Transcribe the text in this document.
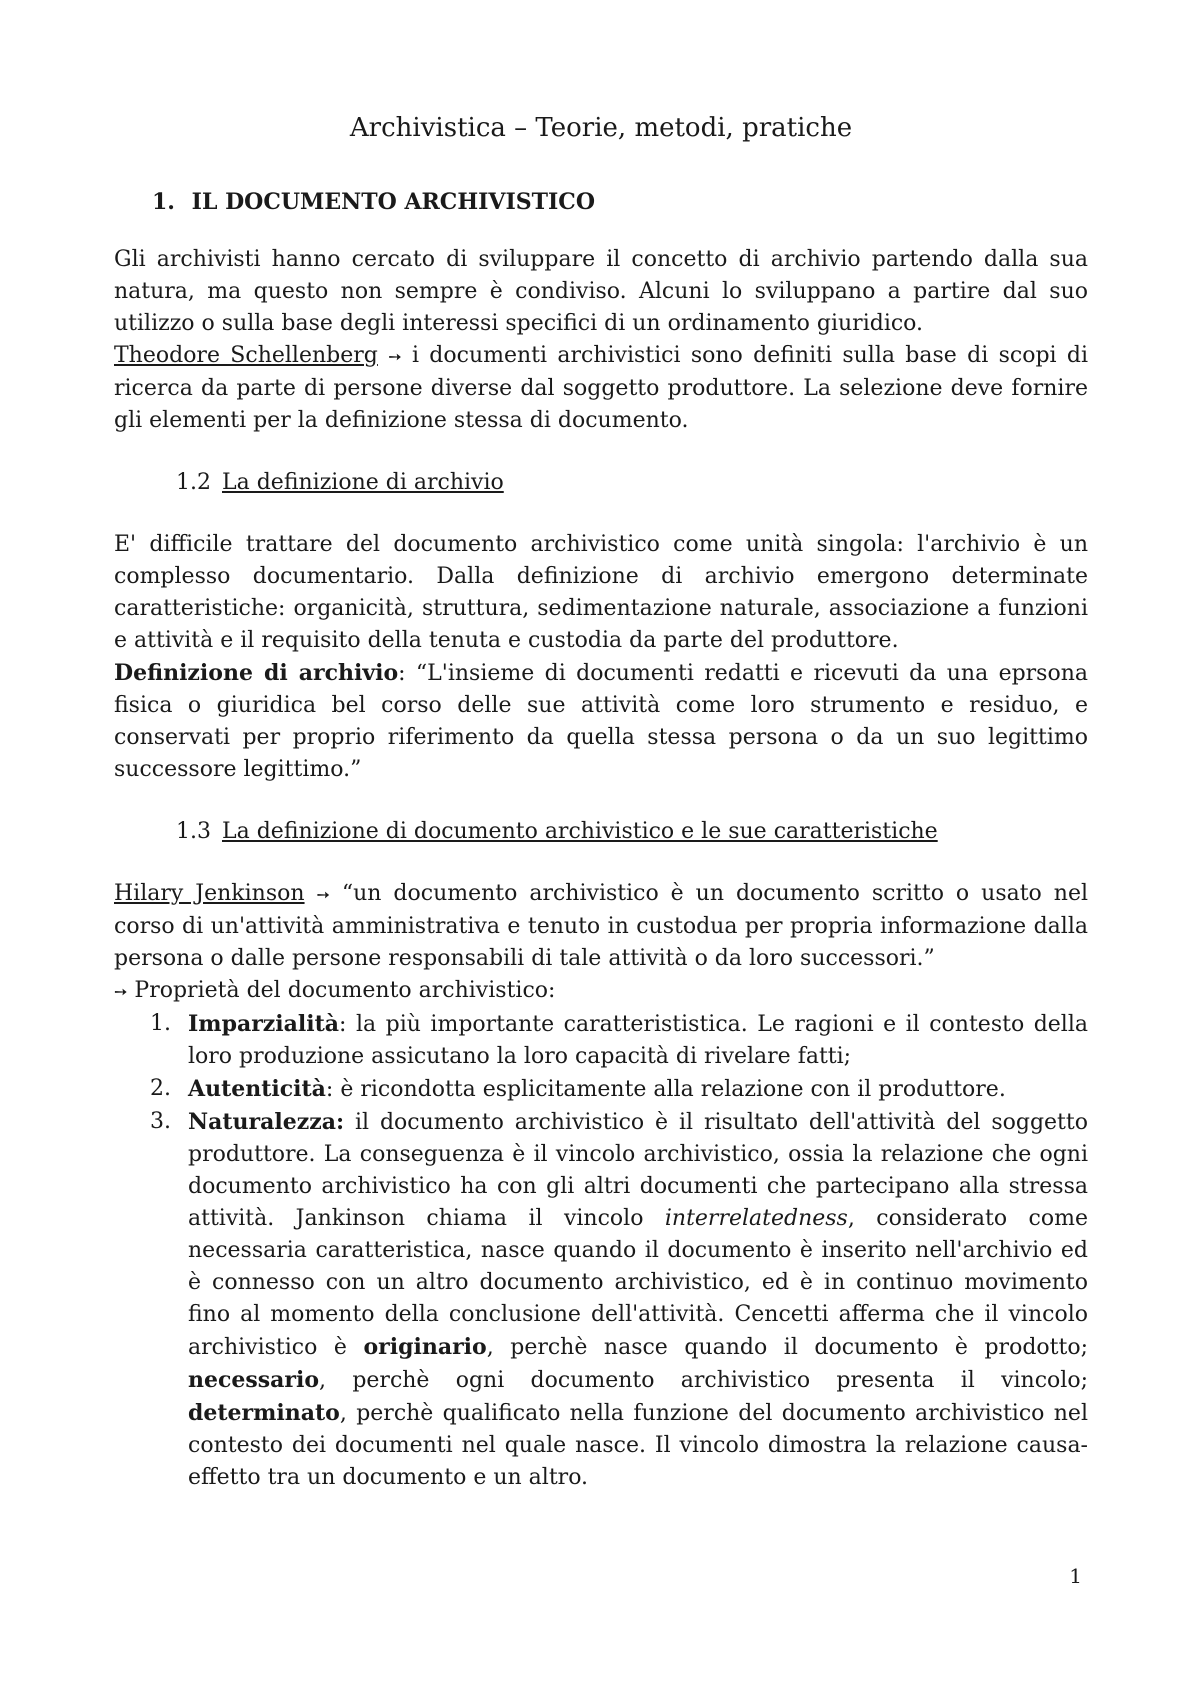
Archivistica – Teorie, metodi, pratiche
1. IL DOCUMENTO ARCHIVISTICO

Gli archivisti hanno cercato di sviluppare il concetto di archivio partendo dalla sua natura, ma questo non sempre è condiviso. Alcuni lo sviluppano a partire dal suo utilizzo o sulla base degli interessi specifici di un ordinamento giuridico.

Theodore Schellenberg ➙ i documenti archivistici sono definiti sulla base di scopi di ricerca da parte di persone diverse dal soggetto produttore. La selezione deve fornire gli elementi per la definizione stessa di documento.

1.2 La definizione di archivio

E' difficile trattare del documento archivistico come unità singola: l'archivio è un complesso documentario. Dalla definizione di archivio emergono determinate caratteristiche: organicità, struttura, sedimentazione naturale, associazione a funzioni e attività e il requisito della tenuta e custodia da parte del produttore.

Definizione di archivio: “L'insieme di documenti redatti e ricevuti da una eprsona fisica o giuridica bel corso delle sue attività come loro strumento e residuo, e conservati per proprio riferimento da quella stessa persona o da un suo legittimo successore legittimo.”

1.3 La definizione di documento archivistico e le sue caratteristiche

Hilary Jenkinson ➙ “un documento archivistico è un documento scritto o usato nel corso di un'attività amministrativa e tenuto in custodua per propria informazione dalla persona o dalle persone responsabili di tale attività o da loro successori.”

➙ Proprietà del documento archivistico:

1. Imparzialità: la più importante caratterististica. Le ragioni e il contesto della loro produzione assicutano la loro capacità di rivelare fatti;
2. Autenticità: è ricondotta esplicitamente alla relazione con il produttore.
3. Naturalezza: il documento archivistico è il risultato dell'attività del soggetto produttore. La conseguenza è il vincolo archivistico, ossia la relazione che ogni documento archivistico ha con gli altri documenti che partecipano alla stressa attività. Jankinson chiama il vincolo interrelatedness, considerato come necessaria caratteristica, nasce quando il documento è inserito nell'archivio ed è connesso con un altro documento archivistico, ed è in continuo movimento fino al momento della conclusione dell'attività. Cencetti afferma che il vincolo archivistico è originario, perchè nasce quando il documento è prodotto; necessario, perchè ogni documento archivistico presenta il vincolo; determinato, perchè qualificato nella funzione del documento archivistico nel contesto dei documenti nel quale nasce. Il vincolo dimostra la relazione causa-effetto tra un documento e un altro.
1
